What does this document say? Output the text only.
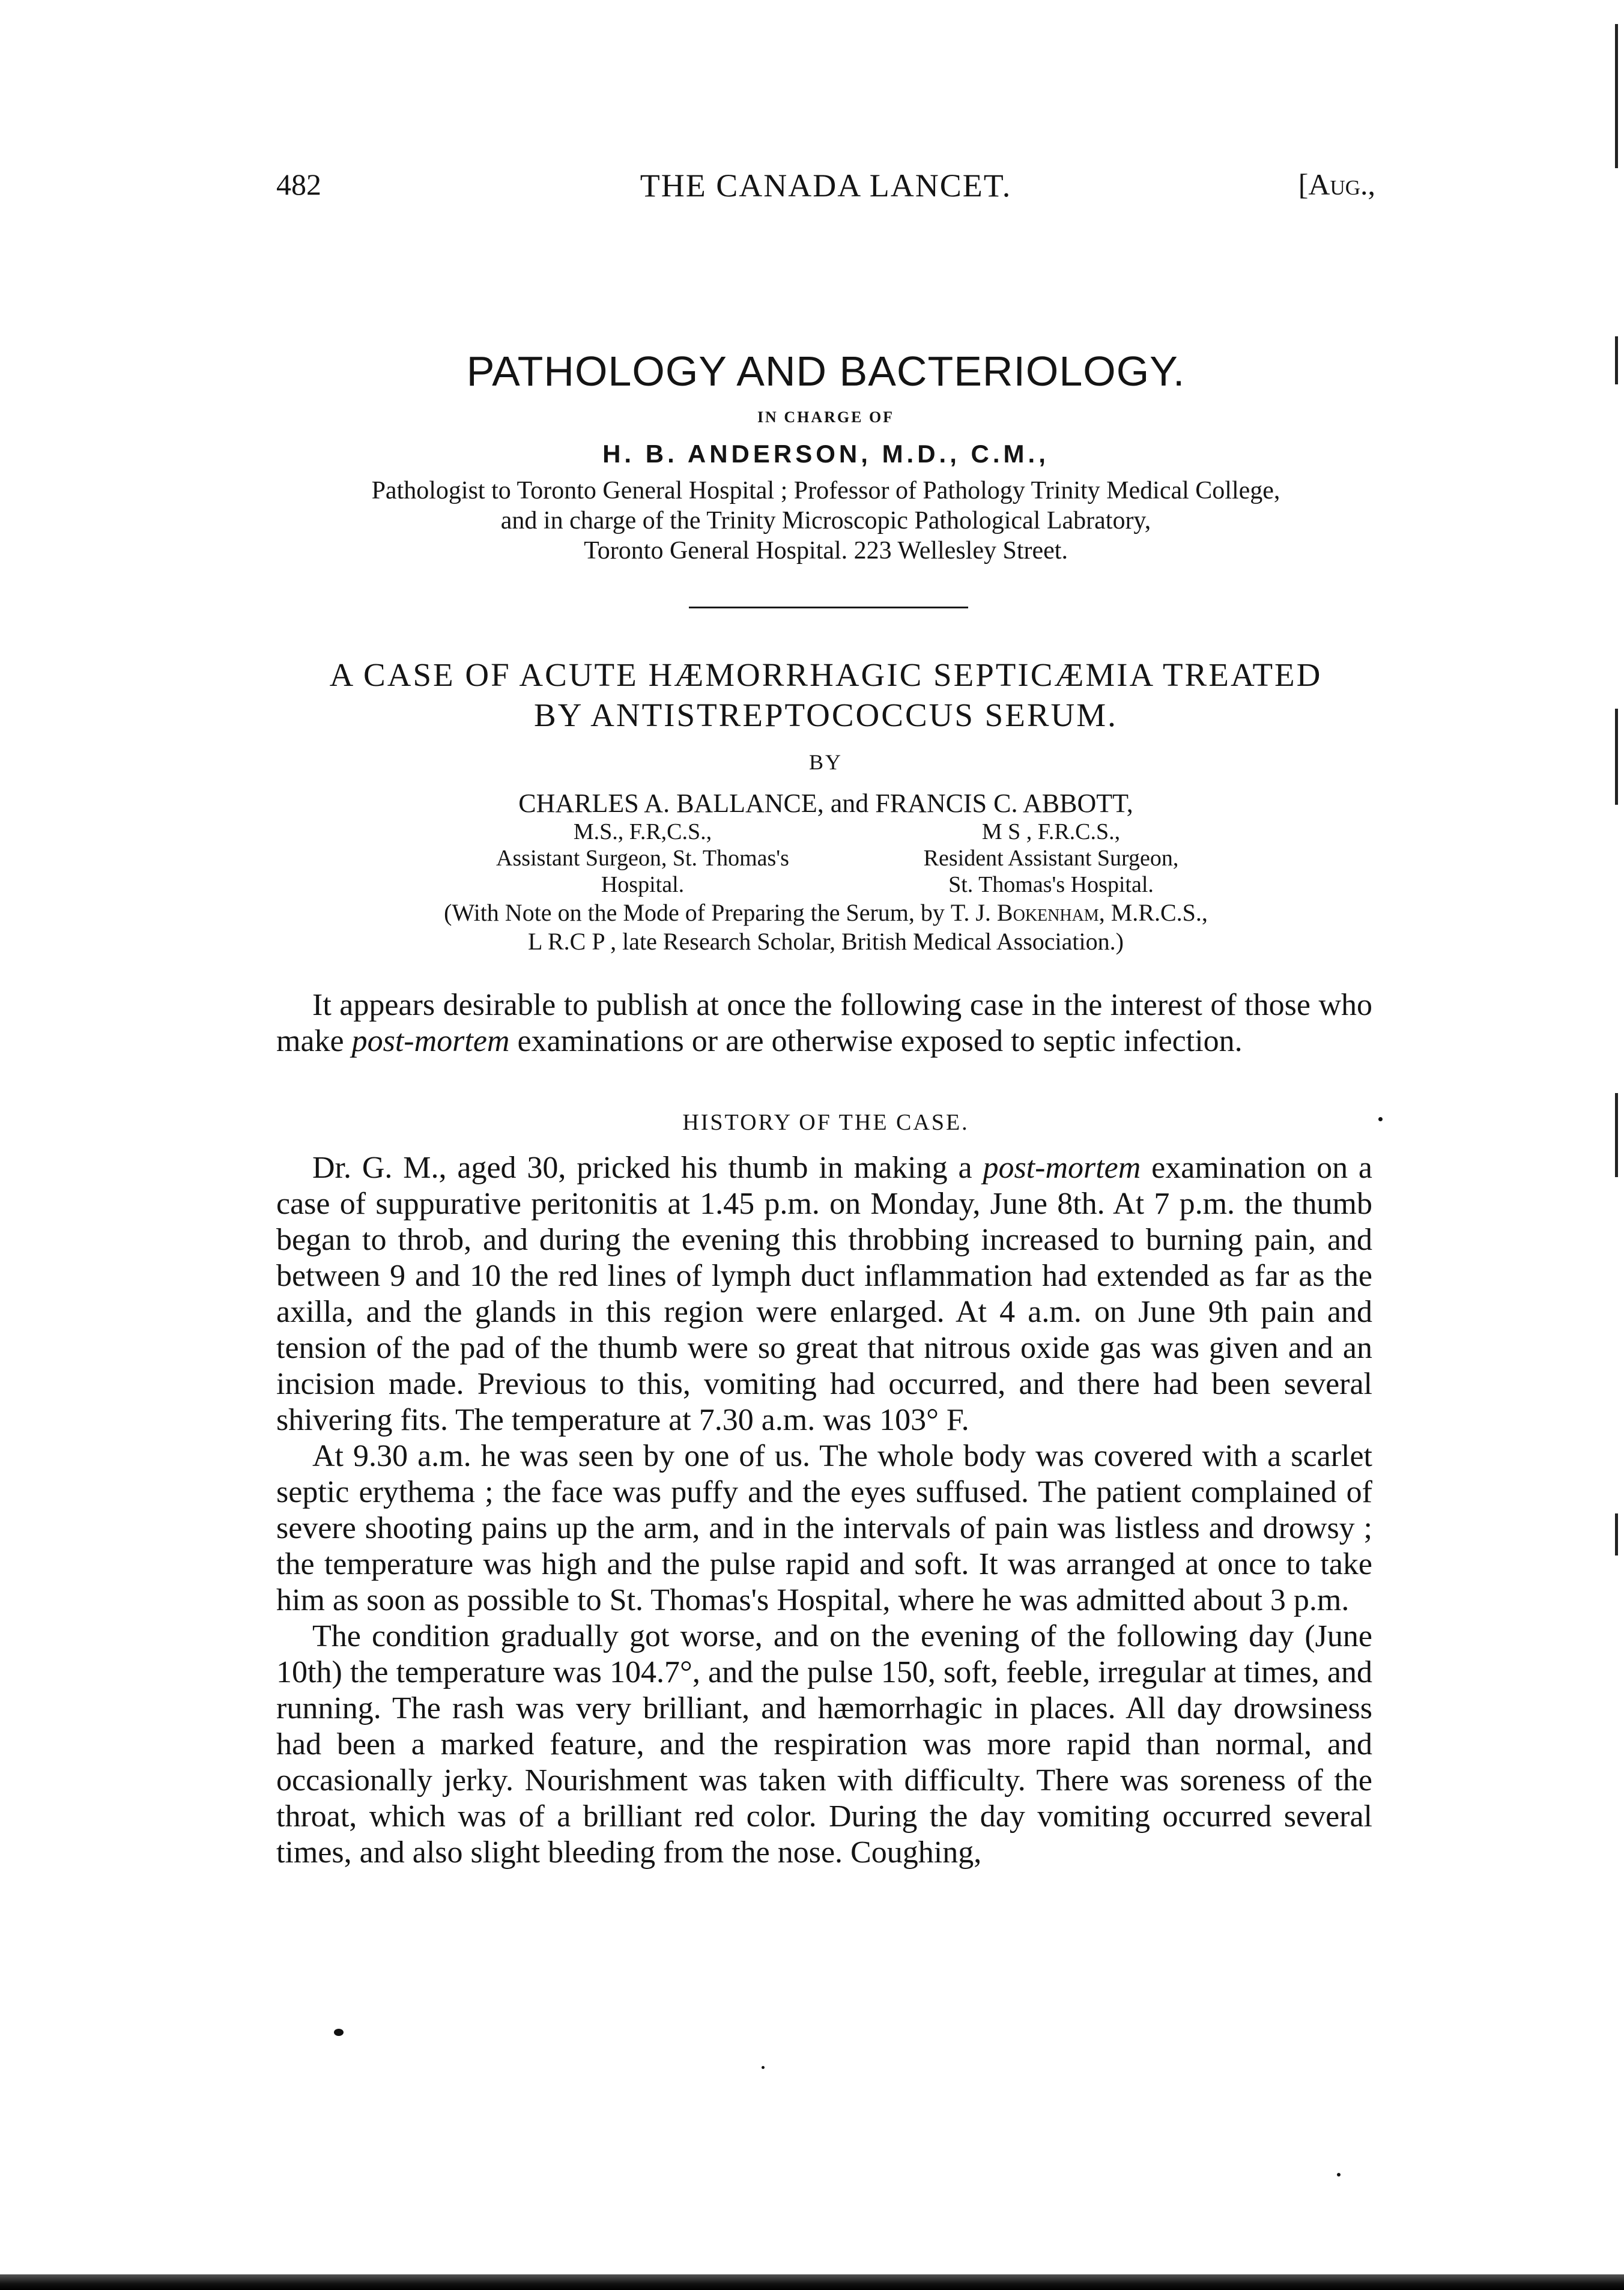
482	THE CANADA LANCET.	[Aug.,
PATHOLOGY AND BACTERIOLOGY.
IN CHARGE OF
H. B. ANDERSON, M.D., C.M.,
Pathologist to Toronto General Hospital ; Professor of Pathology Trinity Medical College,
and in charge of the Trinity Microscopic Pathological Labratory,
Toronto General Hospital. 223 Wellesley Street.
A CASE OF ACUTE HÆMORRHAGIC SEPTICÆMIA TREATED
BY ANTISTREPTOCOCCUS SERUM.
BY
CHARLES A. BALLANCE, and FRANCIS C. ABBOTT,
M.S., F.R,C.S.,
Assistant Surgeon, St. Thomas's
Hospital.
M S , F.R.C.S.,
Resident Assistant Surgeon,
St. Thomas's Hospital.
(With Note on the Mode of Preparing the Serum, by T. J. Bokenham, M.R.C.S.,
L R.C P , late Research Scholar, British Medical Association.)

It appears desirable to publish at once the following case in the interest of those who make post-mortem examinations or are otherwise exposed to septic infection.

HISTORY OF THE CASE.

Dr. G. M., aged 30, pricked his thumb in making a post-mortem examination on a case of suppurative peritonitis at 1.45 p.m. on Monday, June 8th. At 7 p.m. the thumb began to throb, and during the evening this throbbing increased to burning pain, and between 9 and 10 the red lines of lymph duct inflammation had extended as far as the axilla, and the glands in this region were enlarged. At 4 a.m. on June 9th pain and tension of the pad of the thumb were so great that nitrous oxide gas was given and an incision made. Previous to this, vomiting had occurred, and there had been several shivering fits. The temperature at 7.30 a.m. was 103° F.

At 9.30 a.m. he was seen by one of us. The whole body was covered with a scarlet septic erythema ; the face was puffy and the eyes suffused. The patient complained of severe shooting pains up the arm, and in the intervals of pain was listless and drowsy ; the temperature was high and the pulse rapid and soft. It was arranged at once to take him as soon as possible to St. Thomas's Hospital, where he was admitted about 3 p.m.

The condition gradually got worse, and on the evening of the following day (June 10th) the temperature was 104.7°, and the pulse 150, soft, feeble, irregular at times, and running. The rash was very brilliant, and hæmorrhagic in places. All day drowsiness had been a marked feature, and the respiration was more rapid than normal, and occasionally jerky. Nourishment was taken with difficulty. There was soreness of the throat, which was of a brilliant red color. During the day vomiting occurred several times, and also slight bleeding from the nose. Coughing,
